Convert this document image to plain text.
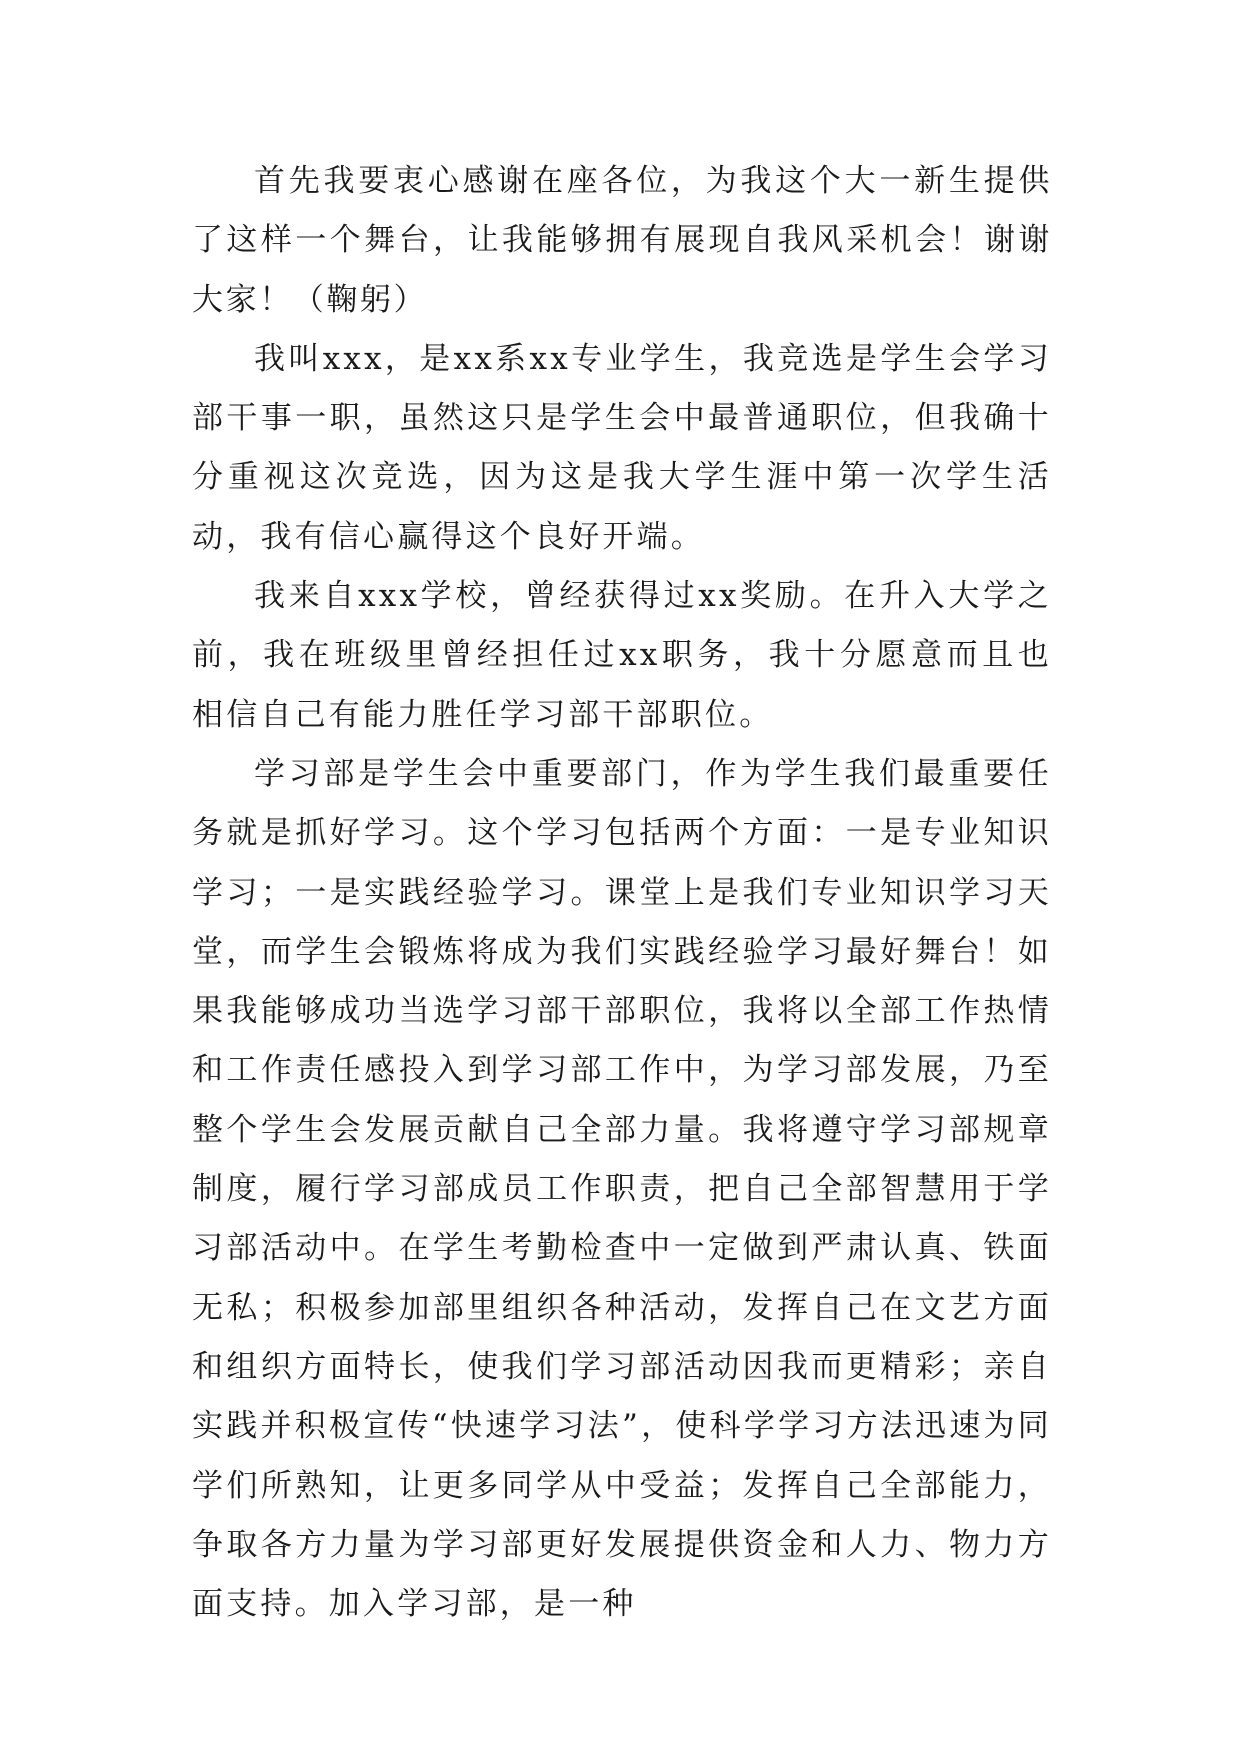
首先我要衷心感谢在座各位，为我这个大一新生提供了这样一个舞台，让我能够拥有展现自我风采机会！谢谢大家！（鞠躬）

我叫xxx，是xx系xx专业学生，我竞选是学生会学习部干事一职，虽然这只是学生会中最普通职位，但我确十分重视这次竞选，因为这是我大学生涯中第一次学生活动，我有信心赢得这个良好开端。

我来自xxx学校，曾经获得过xx奖励。在升入大学之前，我在班级里曾经担任过xx职务，我十分愿意而且也相信自己有能力胜任学习部干部职位。

学习部是学生会中重要部门，作为学生我们最重要任务就是抓好学习。这个学习包括两个方面：一是专业知识学习；一是实践经验学习。课堂上是我们专业知识学习天堂，而学生会锻炼将成为我们实践经验学习最好舞台！如果我能够成功当选学习部干部职位，我将以全部工作热情和工作责任感投入到学习部工作中，为学习部发展，乃至整个学生会发展贡献自己全部力量。我将遵守学习部规章制度，履行学习部成员工作职责，把自己全部智慧用于学习部活动中。在学生考勤检查中一定做到严肃认真、铁面无私；积极参加部里组织各种活动，发挥自己在文艺方面和组织方面特长，使我们学习部活动因我而更精彩；亲自实践并积极宣传“快速学习法”，使科学学习方法迅速为同学们所熟知，让更多同学从中受益；发挥自己全部能力，争取各方力量为学习部更好发展提供资金和人力、物力方面支持。加入学习部，是一种
